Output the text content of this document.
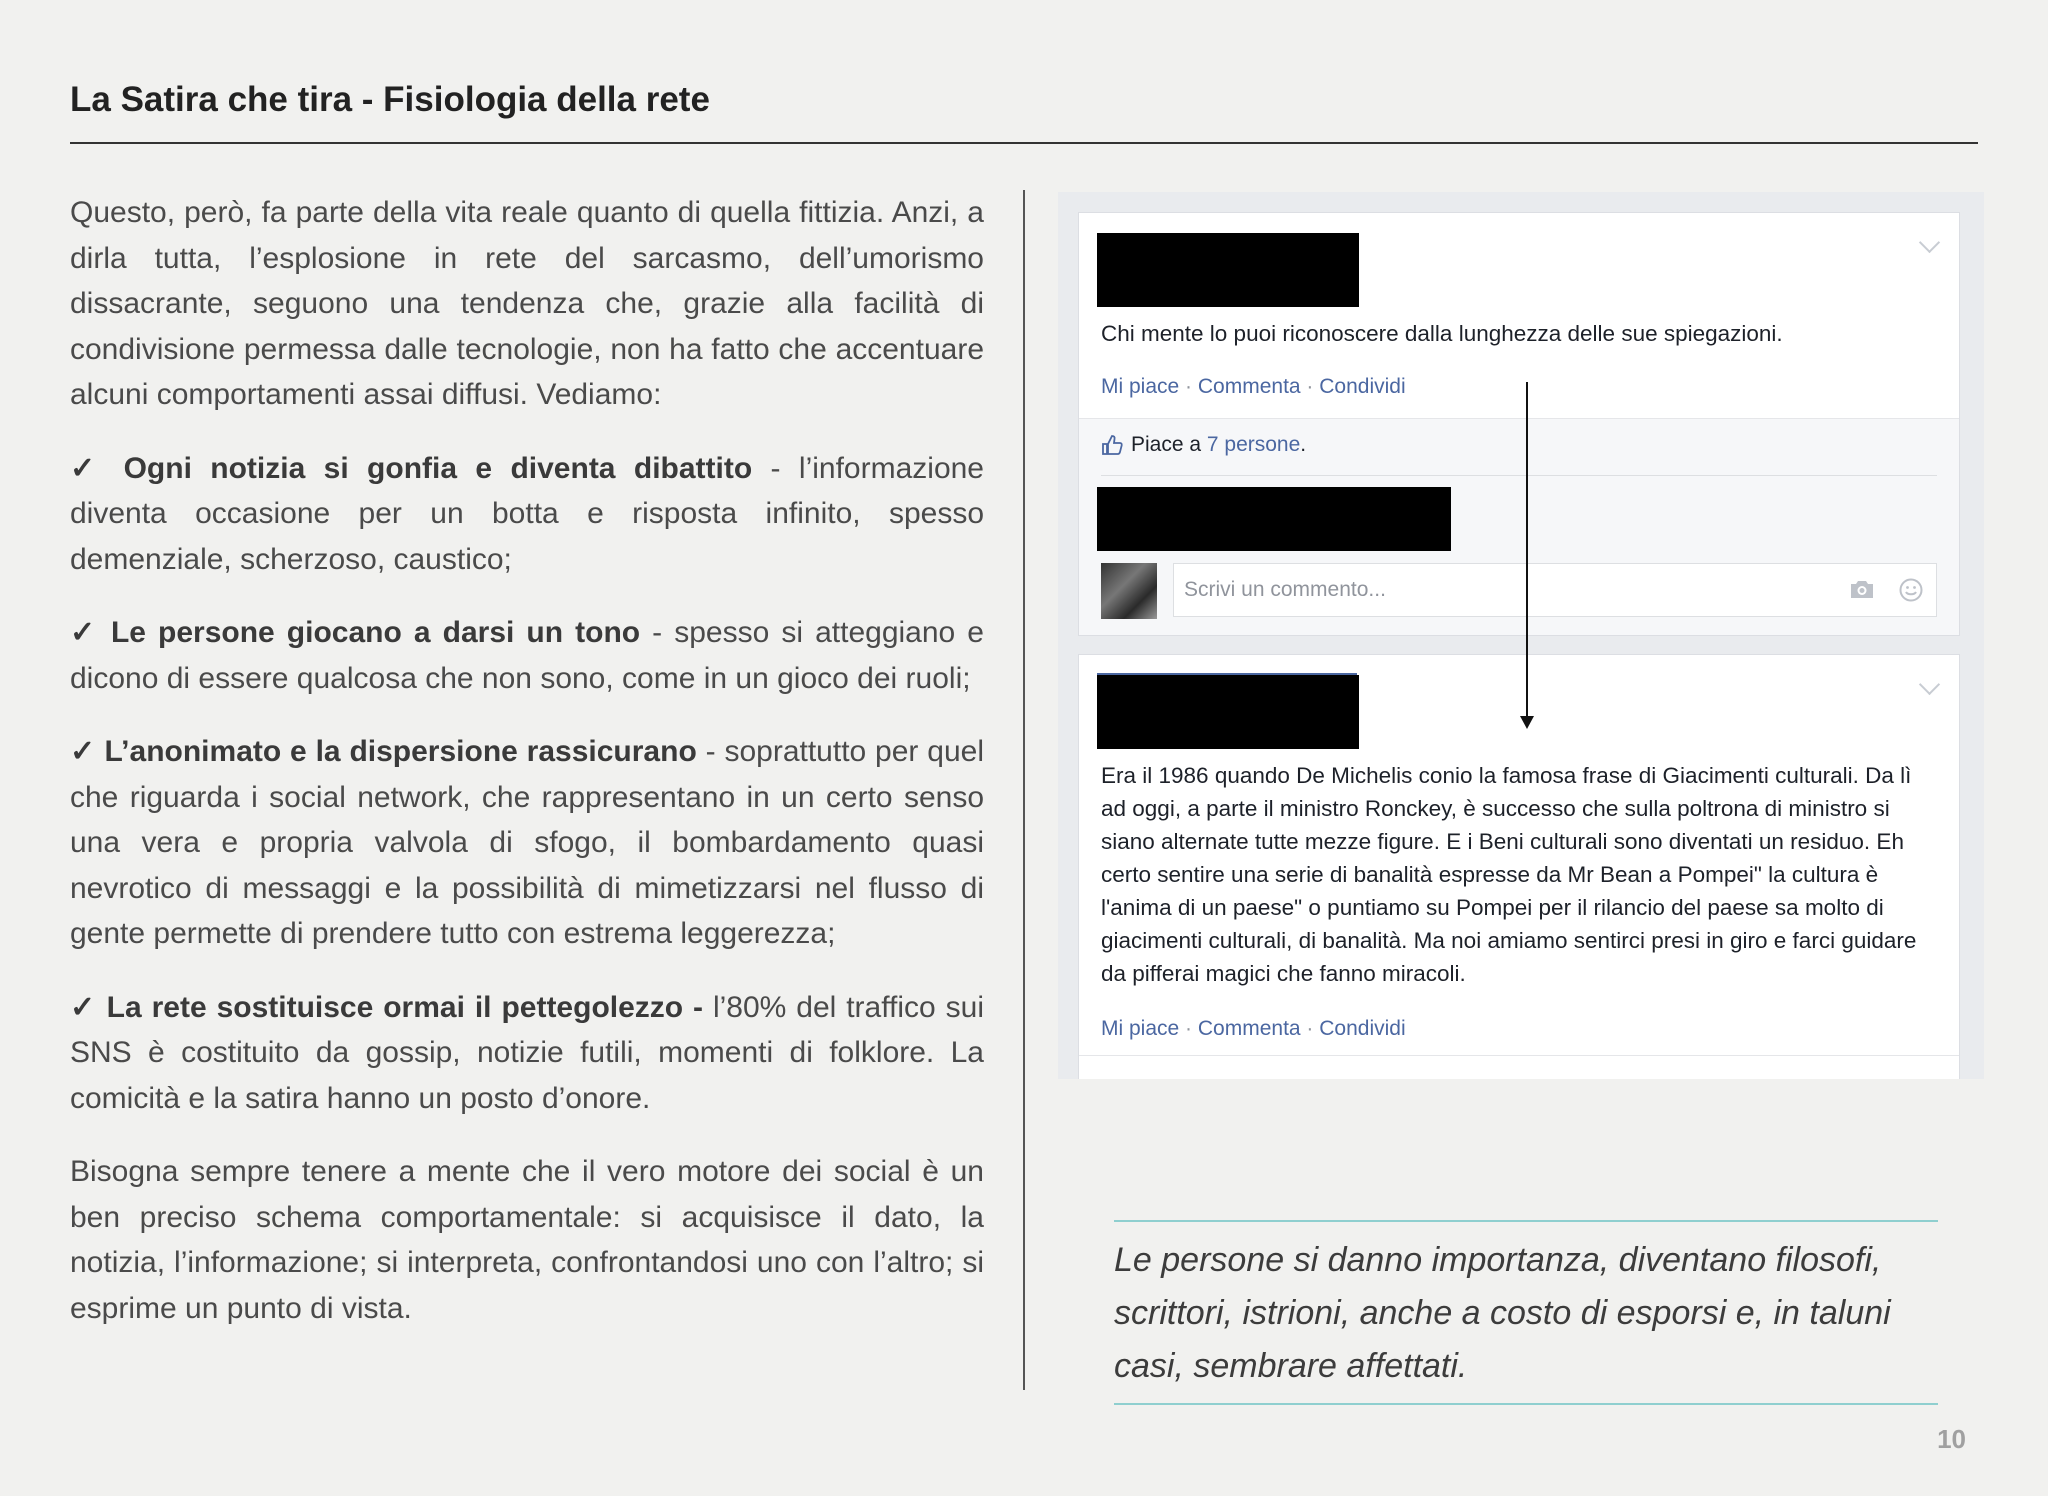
La Satira che tira - Fisiologia della rete

Questo, però, fa parte della vita reale quanto di quella fittizia. Anzi, a dirla tutta, l’esplosione in rete del sarcasmo, dell’umorismo dissacrante, seguono una tendenza che, grazie alla facilità di condivisione permessa dalle tecnologie, non ha fatto che accentuare alcuni comportamenti assai diffusi. Vediamo:

✓ Ogni notizia si gonfia e diventa dibattito - l’informazione diventa occasione per un botta e risposta infinito, spesso demenziale, scherzoso, caustico;

✓ Le persone giocano a darsi un tono - spesso si atteggiano e dicono di essere qualcosa che non sono, come in un gioco dei ruoli;

✓ L’anonimato e la dispersione rassicurano - soprattutto per quel che riguarda i social network, che rappresentano in un certo senso una vera e propria valvola di sfogo, il bombardamento quasi nevrotico di messaggi e la possibilità di mimetizzarsi nel flusso di gente permette di prendere tutto con estrema leggerezza;

✓ La rete sostituisce ormai il pettegolezzo - l’80% del traffico sui SNS è costituito da gossip, notizie futili, momenti di folklore. La comicità e la satira hanno un posto d’onore.

Bisogna sempre tenere a mente che il vero motore dei social è un ben preciso schema comportamentale: si acquisisce il dato, la notizia, l’informazione; si interpreta, confrontandosi uno con l’altro; si esprime un punto di vista.

Chi mente lo puoi riconoscere dalla lunghezza delle sue spiegazioni.
Mi piace · Commenta · Condividi
Piace a 7 persone.
Scrivi un commento...
Era il 1986 quando De Michelis conio la famosa frase di Giacimenti culturali. Da lì ad oggi, a parte il ministro Ronckey, è successo che sulla poltrona di ministro si siano alternate tutte mezze figure. E i Beni culturali sono diventati un residuo. Eh certo sentire una serie di banalità espresse da Mr Bean a Pompei" la cultura è l'anima di un paese" o puntiamo su Pompei per il rilancio del paese sa molto di giacimenti culturali, di banalità. Ma noi amiamo sentirci presi in giro e farci guidare da pifferai magici che fanno miracoli.
Mi piace · Commenta · Condividi
Le persone si danno importanza, diventano filosofi, scrittori, istrioni, anche a costo di esporsi e, in taluni casi, sembrare affettati.
10
